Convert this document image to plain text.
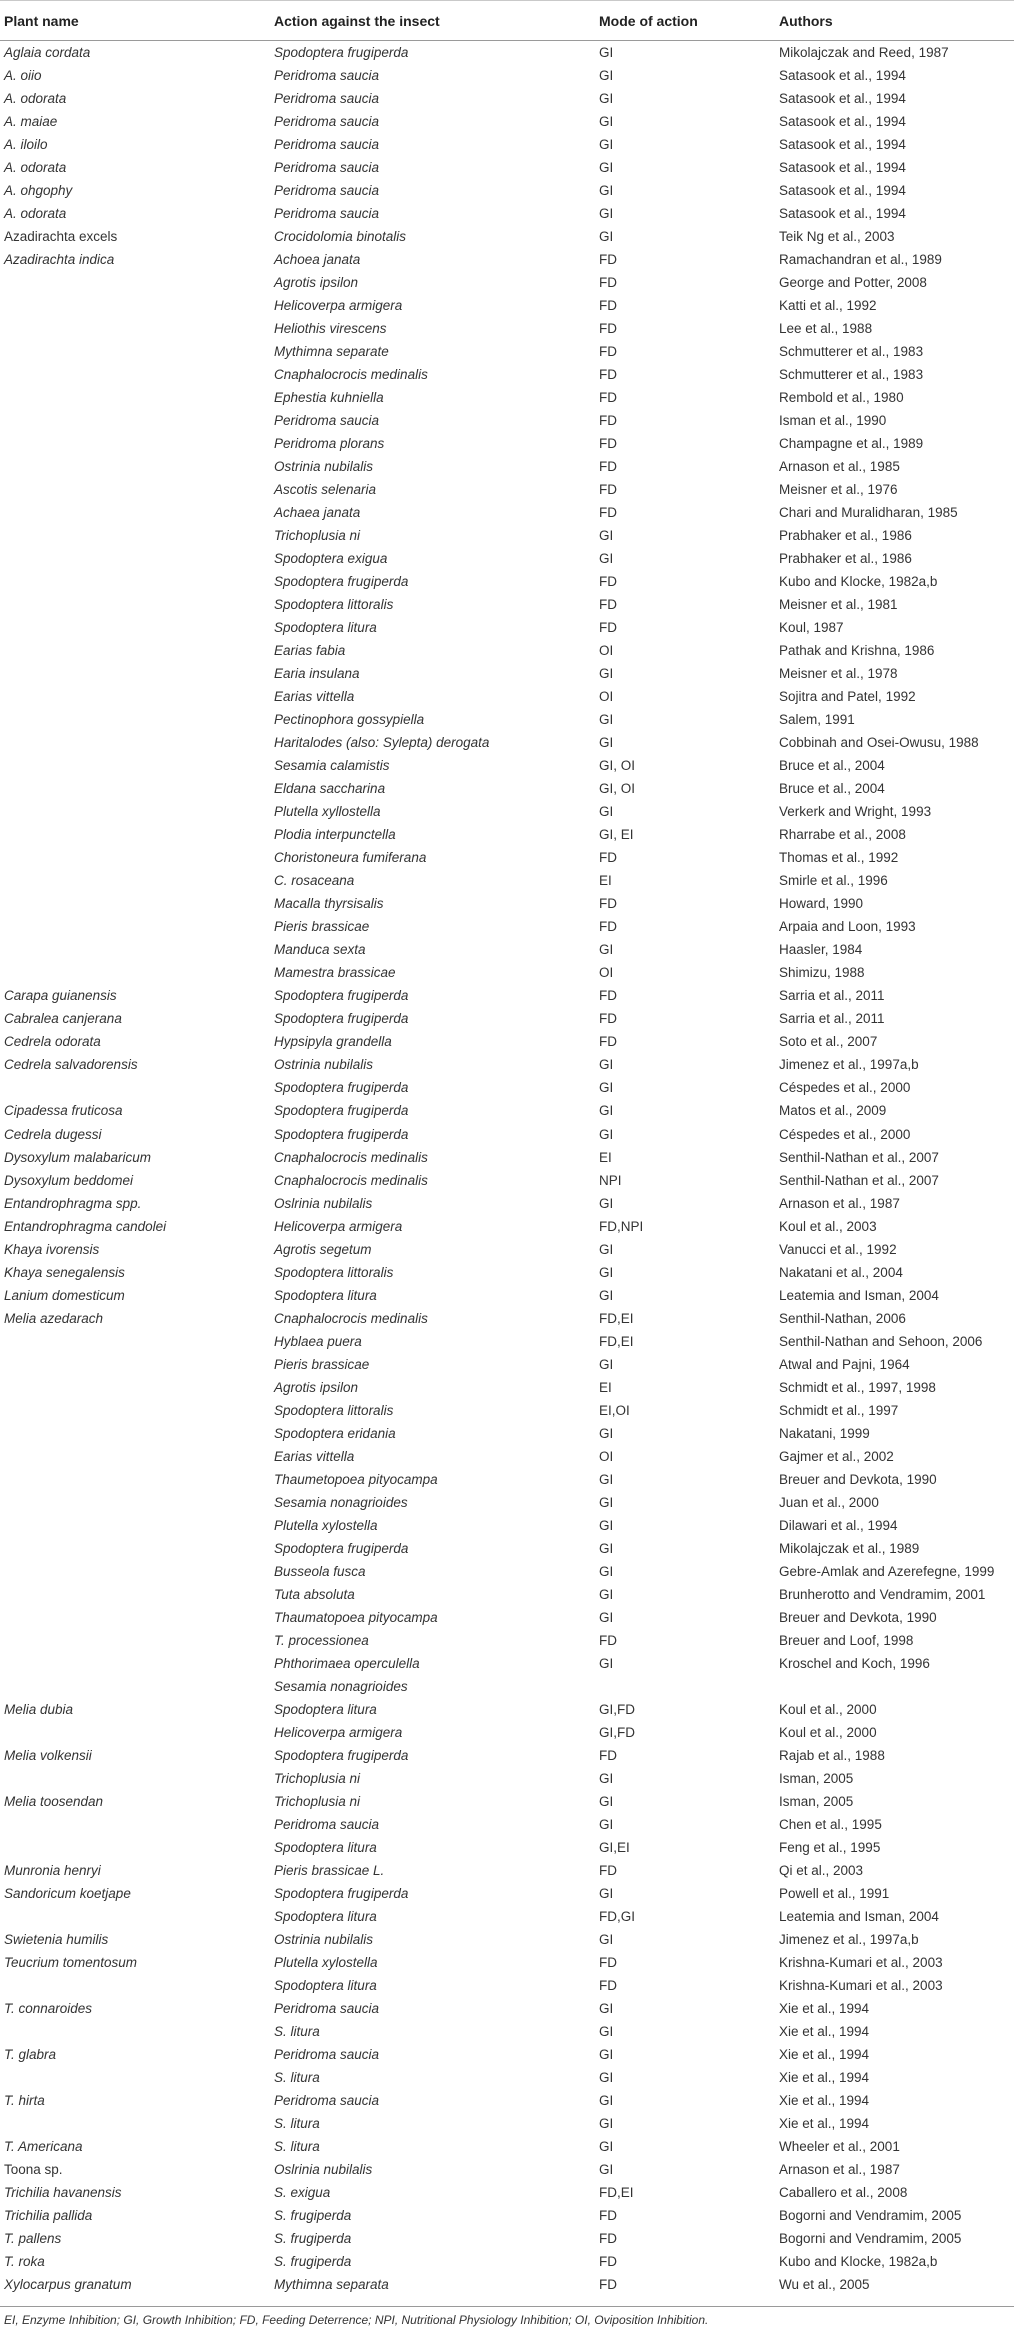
Plant name	Action against the insect	Mode of action	Authors
Aglaia cordata	Spodoptera frugiperda	GI	Mikolajczak and Reed, 1987
A. oiio	Peridroma saucia	GI	Satasook et al., 1994
A. odorata	Peridroma saucia	GI	Satasook et al., 1994
A. maiae	Peridroma saucia	GI	Satasook et al., 1994
A. iloilo	Peridroma saucia	GI	Satasook et al., 1994
A. odorata	Peridroma saucia	GI	Satasook et al., 1994
A. ohgophy	Peridroma saucia	GI	Satasook et al., 1994
A. odorata	Peridroma saucia	GI	Satasook et al., 1994
Azadirachta excels	Crocidolomia binotalis	GI	Teik Ng et al., 2003
Azadirachta indica	Achoea janata	FD	Ramachandran et al., 1989
	Agrotis ipsilon	FD	George and Potter, 2008
	Helicoverpa armigera	FD	Katti et al., 1992
	Heliothis virescens	FD	Lee et al., 1988
	Mythimna separate	FD	Schmutterer et al., 1983
	Cnaphalocrocis medinalis	FD	Schmutterer et al., 1983
	Ephestia kuhniella	FD	Rembold et al., 1980
	Peridroma saucia	FD	Isman et al., 1990
	Peridroma plorans	FD	Champagne et al., 1989
	Ostrinia nubilalis	FD	Arnason et al., 1985
	Ascotis selenaria	FD	Meisner et al., 1976
	Achaea janata	FD	Chari and Muralidharan, 1985
	Trichoplusia ni	GI	Prabhaker et al., 1986
	Spodoptera exigua	GI	Prabhaker et al., 1986
	Spodoptera frugiperda	FD	Kubo and Klocke, 1982a,b
	Spodoptera littoralis	FD	Meisner et al., 1981
	Spodoptera litura	FD	Koul, 1987
	Earias fabia	OI	Pathak and Krishna, 1986
	Earia insulana	GI	Meisner et al., 1978
	Earias vittella	OI	Sojitra and Patel, 1992
	Pectinophora gossypiella	GI	Salem, 1991
	Haritalodes (also: Sylepta) derogata	GI	Cobbinah and Osei-Owusu, 1988
	Sesamia calamistis	GI, OI	Bruce et al., 2004
	Eldana saccharina	GI, OI	Bruce et al., 2004
	Plutella xyllostella	GI	Verkerk and Wright, 1993
	Plodia interpunctella	GI, EI	Rharrabe et al., 2008
	Choristoneura fumiferana	FD	Thomas et al., 1992
	C. rosaceana	EI	Smirle et al., 1996
	Macalla thyrsisalis	FD	Howard, 1990
	Pieris brassicae	FD	Arpaia and Loon, 1993
	Manduca sexta	GI	Haasler, 1984
	Mamestra brassicae	OI	Shimizu, 1988
Carapa guianensis	Spodoptera frugiperda	FD	Sarria et al., 2011
Cabralea canjerana	Spodoptera frugiperda	FD	Sarria et al., 2011
Cedrela odorata	Hypsipyla grandella	FD	Soto et al., 2007
Cedrela salvadorensis	Ostrinia nubilalis	GI	Jimenez et al., 1997a,b
	Spodoptera frugiperda	GI	Céspedes et al., 2000
Cipadessa fruticosa	Spodoptera frugiperda	GI	Matos et al., 2009
Cedrela dugessi	Spodoptera frugiperda	GI	Céspedes et al., 2000
Dysoxylum malabaricum	Cnaphalocrocis medinalis	EI	Senthil-Nathan et al., 2007
Dysoxylum beddomei	Cnaphalocrocis medinalis	NPI	Senthil-Nathan et al., 2007
Entandrophragma spp.	Oslrinia nubilalis	GI	Arnason et al., 1987
Entandrophragma candolei	Helicoverpa armigera	FD,NPI	Koul et al., 2003
Khaya ivorensis	Agrotis segetum	GI	Vanucci et al., 1992
Khaya senegalensis	Spodoptera littoralis	GI	Nakatani et al., 2004
Lanium domesticum	Spodoptera litura	GI	Leatemia and Isman, 2004
Melia azedarach	Cnaphalocrocis medinalis	FD,EI	Senthil-Nathan, 2006
	Hyblaea puera	FD,EI	Senthil-Nathan and Sehoon, 2006
	Pieris brassicae	GI	Atwal and Pajni, 1964
	Agrotis ipsilon	EI	Schmidt et al., 1997, 1998
	Spodoptera littoralis	EI,OI	Schmidt et al., 1997
	Spodoptera eridania	GI	Nakatani, 1999
	Earias vittella	OI	Gajmer et al., 2002
	Thaumetopoea pityocampa	GI	Breuer and Devkota, 1990
	Sesamia nonagrioides	GI	Juan et al., 2000
	Plutella xylostella	GI	Dilawari et al., 1994
	Spodoptera frugiperda	GI	Mikolajczak et al., 1989
	Busseola fusca	GI	Gebre-Amlak and Azerefegne, 1999
	Tuta absoluta	GI	Brunherotto and Vendramim, 2001
	Thaumatopoea pityocampa	GI	Breuer and Devkota, 1990
	T. processionea	FD	Breuer and Loof, 1998
	Phthorimaea operculella	GI	Kroschel and Koch, 1996
	Sesamia nonagrioides		
Melia dubia	Spodoptera litura	GI,FD	Koul et al., 2000
	Helicoverpa armigera	GI,FD	Koul et al., 2000
Melia volkensii	Spodoptera frugiperda	FD	Rajab et al., 1988
	Trichoplusia ni	GI	Isman, 2005
Melia toosendan	Trichoplusia ni	GI	Isman, 2005
	Peridroma saucia	GI	Chen et al., 1995
	Spodoptera litura	GI,EI	Feng et al., 1995
Munronia henryi	Pieris brassicae L.	FD	Qi et al., 2003
Sandoricum koetjape	Spodoptera frugiperda	GI	Powell et al., 1991
	Spodoptera litura	FD,GI	Leatemia and Isman, 2004
Swietenia humilis	Ostrinia nubilalis	GI	Jimenez et al., 1997a,b
Teucrium tomentosum	Plutella xylostella	FD	Krishna-Kumari et al., 2003
	Spodoptera litura	FD	Krishna-Kumari et al., 2003
T. connaroides	Peridroma saucia	GI	Xie et al., 1994
	S. litura	GI	Xie et al., 1994
T. glabra	Peridroma saucia	GI	Xie et al., 1994
	S. litura	GI	Xie et al., 1994
T. hirta	Peridroma saucia	GI	Xie et al., 1994
	S. litura	GI	Xie et al., 1994
T. Americana	S. litura	GI	Wheeler et al., 2001
Toona sp.	Oslrinia nubilalis	GI	Arnason et al., 1987
Trichilia havanensis	S. exigua	FD,EI	Caballero et al., 2008
Trichilia pallida	S. frugiperda	FD	Bogorni and Vendramim, 2005
T. pallens	S. frugiperda	FD	Bogorni and Vendramim, 2005
T. roka	S. frugiperda	FD	Kubo and Klocke, 1982a,b
Xylocarpus granatum	Mythimna separata	FD	Wu et al., 2005
EI, Enzyme Inhibition; GI, Growth Inhibition; FD, Feeding Deterrence; NPI, Nutritional Physiology Inhibition; OI, Oviposition Inhibition.
